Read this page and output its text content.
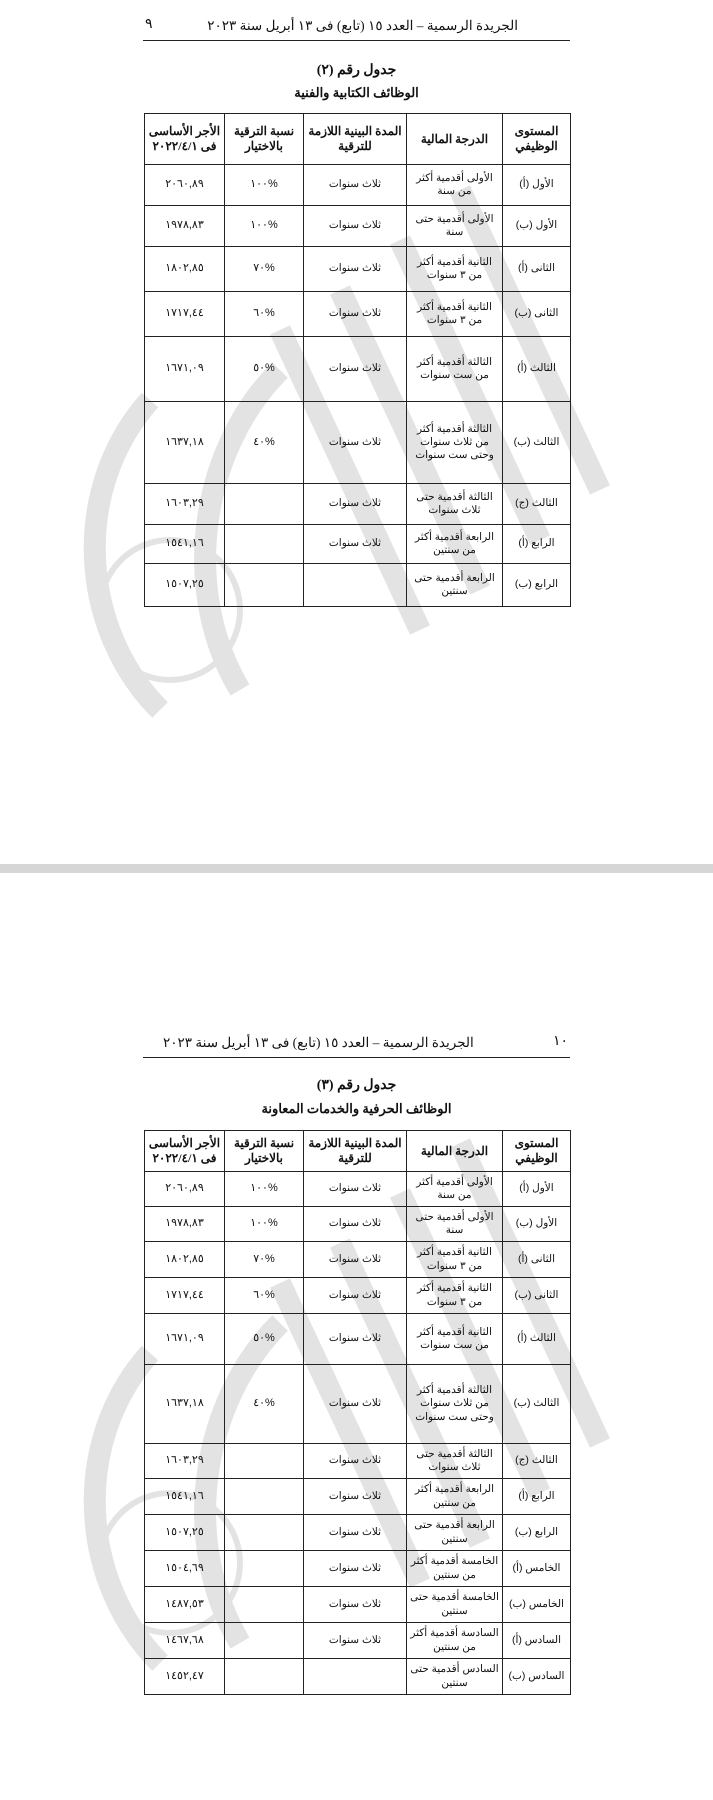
‏‏‏‏‏
الجريدة الرسمية – العدد ١٥ (تابع) فى ١٣ أبريل سنة ٢٠٢٣
٩
جدول رقم (٢)
الوظائف الكتابية والفنية
المستوى الوظيفي	الدرجة المالية	المدة البينية اللازمة للترقية	نسبة الترقية بالاختيار	الأجر الأساسى فى ٢٠٢٢/٤/١
الأول (أ)	الأولى أقدمية أكثر من سنة	ثلاث سنوات	%١٠٠	٢٠٦٠,٨٩
الأول (ب)	الأولى أقدمية حتى سنة	ثلاث سنوات	%١٠٠	١٩٧٨,٨٣
الثانى (أ)	الثانية أقدمية أكثر من ٣ سنوات	ثلاث سنوات	%٧٠	١٨٠٢,٨٥
الثانى (ب)	الثانية أقدمية أكثر من ٣ سنوات	ثلاث سنوات	%٦٠	١٧١٧,٤٤
الثالث (أ)	الثالثة أقدمية أكثر من ست سنوات	ثلاث سنوات	%٥٠	١٦٧١,٠٩
الثالث (ب)	الثالثة أقدمية أكثر من ثلاث سنوات وحتى ست سنوات	ثلاث سنوات	%٤٠	١٦٣٧,١٨
الثالث (ج)	الثالثة أقدمية حتى ثلاث سنوات	ثلاث سنوات		١٦٠٣,٢٩
الرابع (أ)	الرابعة أقدمية أكثر من سنتين	ثلاث سنوات		١٥٤١,١٦
الرابع (ب)	الرابعة أقدمية حتى سنتين			١٥٠٧,٢٥
الجريدة الرسمية – العدد ١٥ (تابع) فى ١٣ أبريل سنة ٢٠٢٣	١٠
جدول رقم (٣)
الوظائف الحرفية والخدمات المعاونة
المستوى الوظيفي	الدرجة المالية	المدة البينية اللازمة للترقية	نسبة الترقية بالاختيار	الأجر الأساسى فى ٢٠٢٢/٤/١
الأول (أ)	الأولى أقدمية أكثر من سنة	ثلاث سنوات	%١٠٠	٢٠٦٠,٨٩
الأول (ب)	الأولى أقدمية حتى سنة	ثلاث سنوات	%١٠٠	١٩٧٨,٨٣
الثانى (أ)	الثانية أقدمية أكثر من ٣ سنوات	ثلاث سنوات	%٧٠	١٨٠٢,٨٥
الثانى (ب)	الثانية أقدمية أكثر من ٣ سنوات	ثلاث سنوات	%٦٠	١٧١٧,٤٤
الثالث (أ)	الثانية أقدمية أكثر من ست سنوات	ثلاث سنوات	%٥٠	١٦٧١,٠٩
الثالث (ب)	الثالثة أقدمية أكثر من ثلاث سنوات وحتى ست سنوات	ثلاث سنوات	%٤٠	١٦٣٧,١٨
الثالث (ج)	الثالثة أقدمية حتى ثلاث سنوات	ثلاث سنوات		١٦٠٣,٢٩
الرابع (أ)	الرابعة أقدمية أكثر من سنتين	ثلاث سنوات		١٥٤١,١٦
الرابع (ب)	الرابعة أقدمية حتى سنتين	ثلاث سنوات		١٥٠٧,٢٥
الخامس (أ)	الخامسة أقدمية أكثر من سنتين	ثلاث سنوات		١٥٠٤,٦٩
الخامس (ب)	الخامسة أقدمية حتى سنتين	ثلاث سنوات		١٤٨٧,٥٣
السادس (أ)	السادسة أقدمية أكثر من سنتين	ثلاث سنوات		١٤٦٧,٦٨
السادس (ب)	السادس أقدمية حتى سنتين			١٤٥٢,٤٧
